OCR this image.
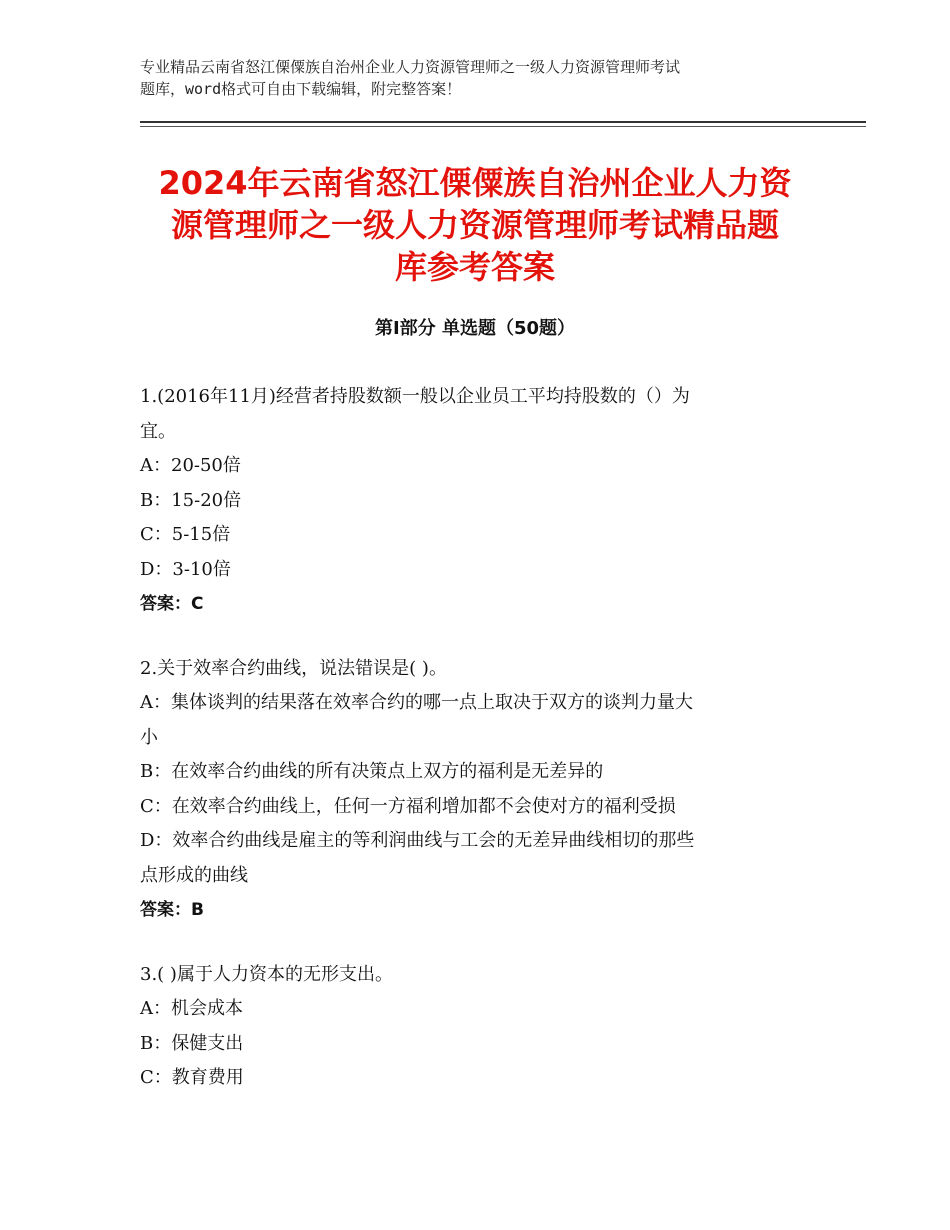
专业精品云南省怒江傈僳族自治州企业人力资源管理师之一级人力资源管理师考试
题库，word格式可自由下载编辑，附完整答案！
2024年云南省怒江傈僳族自治州企业人力资
源管理师之一级人力资源管理师考试精品题
库参考答案
第Ⅰ部分 单选题（50题）
1.(2016年11月)经营者持股数额一般以企业员工平均持股数的（）为
宜。
A：20-50倍
B：15-20倍
C：5-15倍
D：3-10倍
答案：C
2.关于效率合约曲线，说法错误是( )。
A：集体谈判的结果落在效率合约的哪一点上取决于双方的谈判力量大
小
B：在效率合约曲线的所有决策点上双方的福利是无差异的
C：在效率合约曲线上，任何一方福利增加都不会使对方的福利受损
D：效率合约曲线是雇主的等利润曲线与工会的无差异曲线相切的那些
点形成的曲线
答案：B
3.( )属于人力资本的无形支出。
A：机会成本
B：保健支出
C：教育费用
